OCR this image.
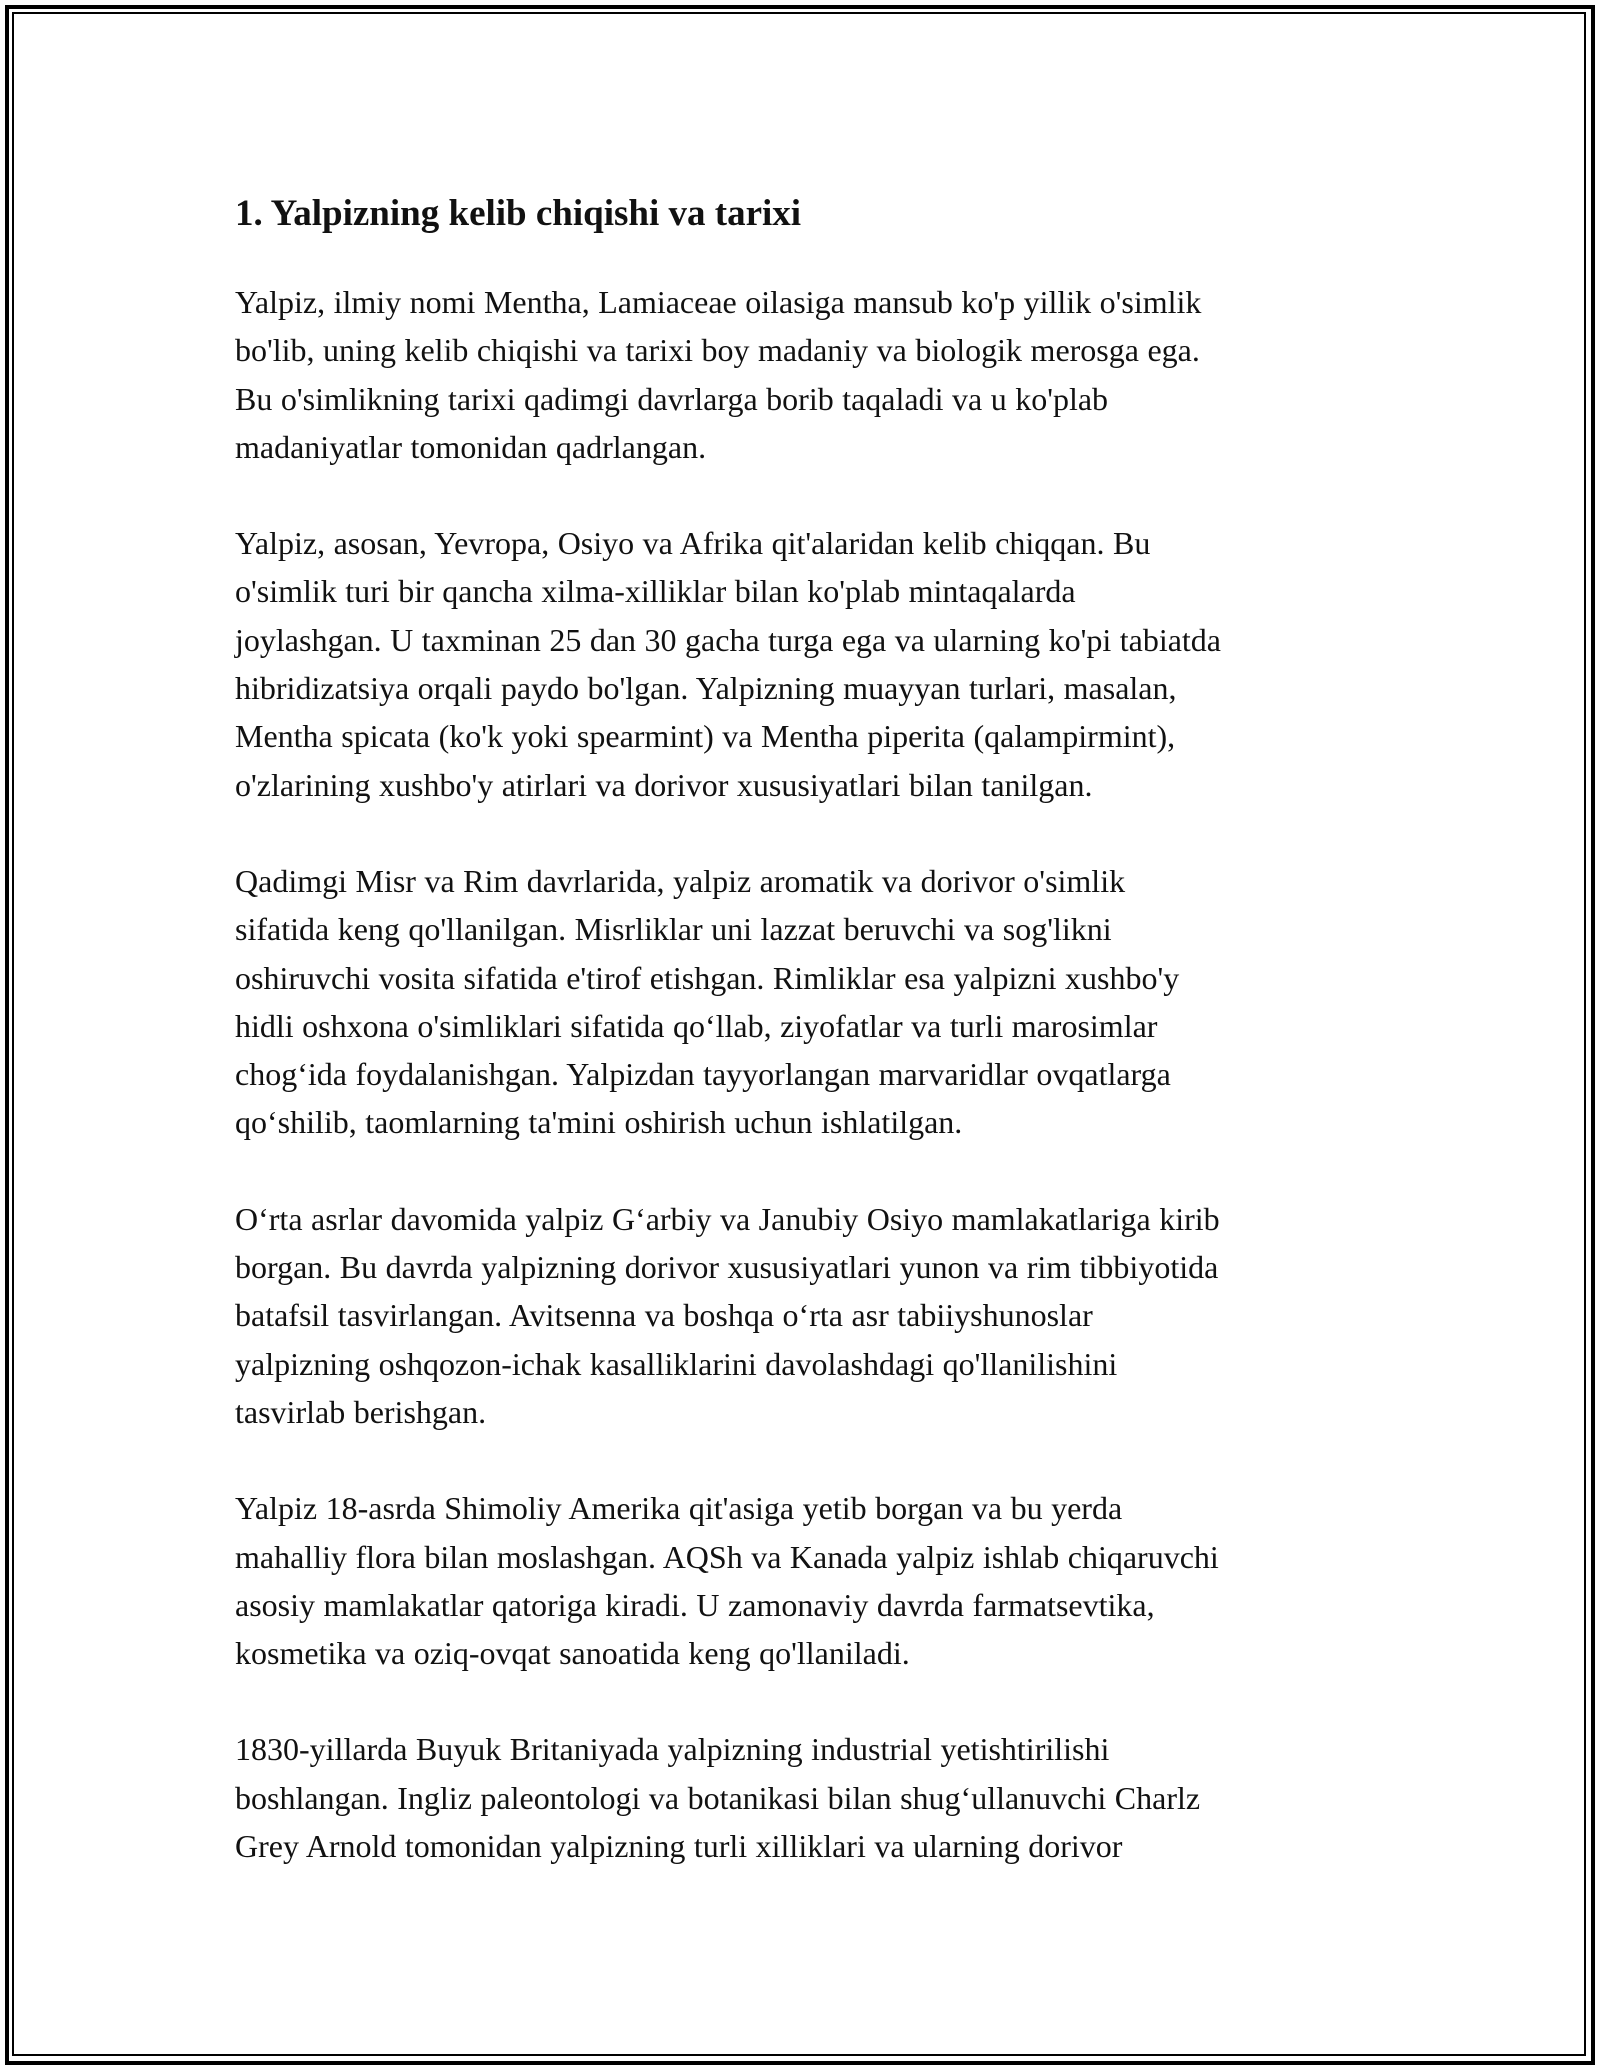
1. Yalpizning kelib chiqishi va tarixi

Yalpiz, ilmiy nomi Mentha, Lamiaceae oilasiga mansub ko'p yillik o'simlik
bo'lib, uning kelib chiqishi va tarixi boy madaniy va biologik merosga ega.
Bu o'simlikning tarixi qadimgi davrlarga borib taqaladi va u ko'plab
madaniyatlar tomonidan qadrlangan.

Yalpiz, asosan, Yevropa, Osiyo va Afrika qit'alaridan kelib chiqqan. Bu
o'simlik turi bir qancha xilma-xilliklar bilan ko'plab mintaqalarda
joylashgan. U taxminan 25 dan 30 gacha turga ega va ularning ko'pi tabiatda
hibridizatsiya orqali paydo bo'lgan. Yalpizning muayyan turlari, masalan,
Mentha spicata (ko'k yoki spearmint) va Mentha piperita (qalampirmint),
o'zlarining xushbo'y atirlari va dorivor xususiyatlari bilan tanilgan.

Qadimgi Misr va Rim davrlarida, yalpiz aromatik va dorivor o'simlik
sifatida keng qo'llanilgan. Misrliklar uni lazzat beruvchi va sog'likni
oshiruvchi vosita sifatida e'tirof etishgan. Rimliklar esa yalpizni xushbo'y
hidli oshxona o'simliklari sifatida qo‘llab, ziyofatlar va turli marosimlar
chog‘ida foydalanishgan. Yalpizdan tayyorlangan marvaridlar ovqatlarga
qo‘shilib, taomlarning ta'mini oshirish uchun ishlatilgan.

O‘rta asrlar davomida yalpiz G‘arbiy va Janubiy Osiyo mamlakatlariga kirib
borgan. Bu davrda yalpizning dorivor xususiyatlari yunon va rim tibbiyotida
batafsil tasvirlangan. Avitsenna va boshqa o‘rta asr tabiiyshunoslar
yalpizning oshqozon-ichak kasalliklarini davolashdagi qo'llanilishini
tasvirlab berishgan.

Yalpiz 18-asrda Shimoliy Amerika qit'asiga yetib borgan va bu yerda
mahalliy flora bilan moslashgan. AQSh va Kanada yalpiz ishlab chiqaruvchi
asosiy mamlakatlar qatoriga kiradi. U zamonaviy davrda farmatsevtika,
kosmetika va oziq-ovqat sanoatida keng qo'llaniladi.

1830-yillarda Buyuk Britaniyada yalpizning industrial yetishtirilishi
boshlangan. Ingliz paleontologi va botanikasi bilan shug‘ullanuvchi Charlz
Grey Arnold tomonidan yalpizning turli xilliklari va ularning dorivor
